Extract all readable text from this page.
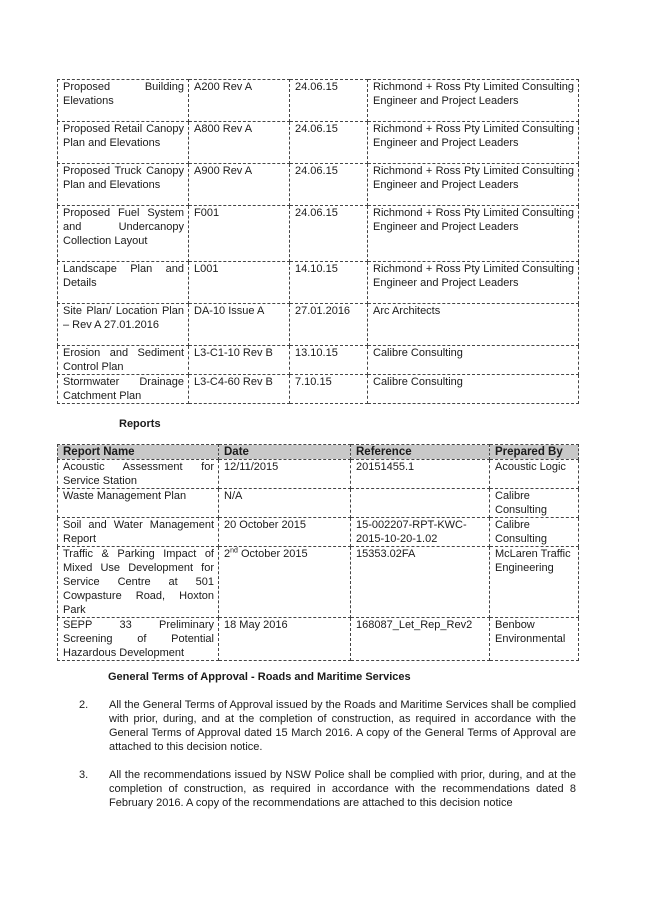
Proposed Building Elevations	A200 Rev A	24.06.15	Richmond + Ross Pty Limited Consulting Engineer and Project Leaders
Proposed Retail Canopy Plan and Elevations	A800 Rev A	24.06.15	Richmond + Ross Pty Limited Consulting Engineer and Project Leaders
Proposed Truck Canopy Plan and Elevations	A900 Rev A	24.06.15	Richmond + Ross Pty Limited Consulting Engineer and Project Leaders
Proposed Fuel System and Undercanopy Collection Layout	F001	24.06.15	Richmond + Ross Pty Limited Consulting Engineer and Project Leaders
Landscape Plan and Details	L001	14.10.15	Richmond + Ross Pty Limited Consulting Engineer and Project Leaders
Site Plan/ Location Plan – Rev A 27.01.2016	DA-10 Issue A	27.01.2016	Arc Architects
Erosion and Sediment Control Plan	L3-C1-10 Rev B	13.10.15	Calibre Consulting
Stormwater Drainage Catchment Plan	L3-C4-60 Rev B	7.10.15	Calibre Consulting
Reports
Report Name	Date	Reference	Prepared By
Acoustic Assessment for Service Station	12/11/2015	20151455.1	Acoustic Logic
Waste Management Plan	N/A		Calibre Consulting
Soil and Water Management Report	20 October 2015	15-002207-RPT-KWC-2015-10-20-1.02	Calibre Consulting
Traffic & Parking Impact of Mixed Use Development for Service Centre at 501 Cowpasture Road, Hoxton Park	2nd October 2015	15353.02FA	McLaren Traffic Engineering
SEPP 33 Preliminary Screening of Potential Hazardous Development	18 May 2016	168087_Let_Rep_Rev2	Benbow Environmental
General Terms of Approval - Roads and Maritime Services
2. All the General Terms of Approval issued by the Roads and Maritime Services shall be complied with prior, during, and at the completion of construction, as required in accordance with the General Terms of Approval dated 15 March 2016. A copy of the General Terms of Approval are attached to this decision notice.
3. All the recommendations issued by NSW Police shall be complied with prior, during, and at the completion of construction, as required in accordance with the recommendations dated 8 February 2016. A copy of the recommendations are attached to this decision notice
